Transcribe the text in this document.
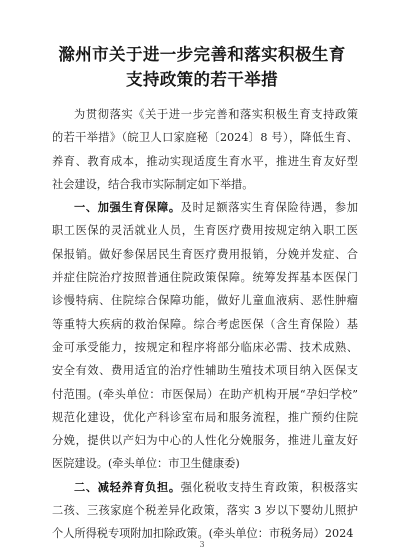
滁州市关于进一步完善和落实积极生育
支持政策的若干举措
为贯彻落实《关于进一步完善和落实积极生育支持政策
的若干举措》（皖卫人口家庭秘〔2024〕8 号），降低生育、
养育、教育成本，推动实现适度生育水平，推进生育友好型
社会建设，结合我市实际制定如下举措。
一、加强生育保障。及时足额落实生育保险待遇，参加
职工医保的灵活就业人员，生育医疗费用按规定纳入职工医
保报销。做好参保居民生育医疗费用报销，分娩并发症、合
并症住院治疗按照普通住院政策保障。统筹发挥基本医保门
诊慢特病、住院综合保障功能，做好儿童血液病、恶性肿瘤
等重特大疾病的救治保障。综合考虑医保（含生育保险）基
金可承受能力，按规定和程序将部分临床必需、技术成熟、
安全有效、费用适宜的治疗性辅助生殖技术项目纳入医保支
付范围。(牵头单位：市医保局）在助产机构开展“孕妇学校”
规范化建设，优化产科诊室布局和服务流程，推广预约住院
分娩，提供以产妇为中心的人性化分娩服务，推进儿童友好
医院建设。(牵头单位：市卫生健康委)
二、减轻养育负担。强化税收支持生育政策，积极落实
二孩、三孩家庭个税差异化政策，落实 3 岁以下婴幼儿照护
个人所得税专项附加扣除政策。(牵头单位：市税务局）2024
3
